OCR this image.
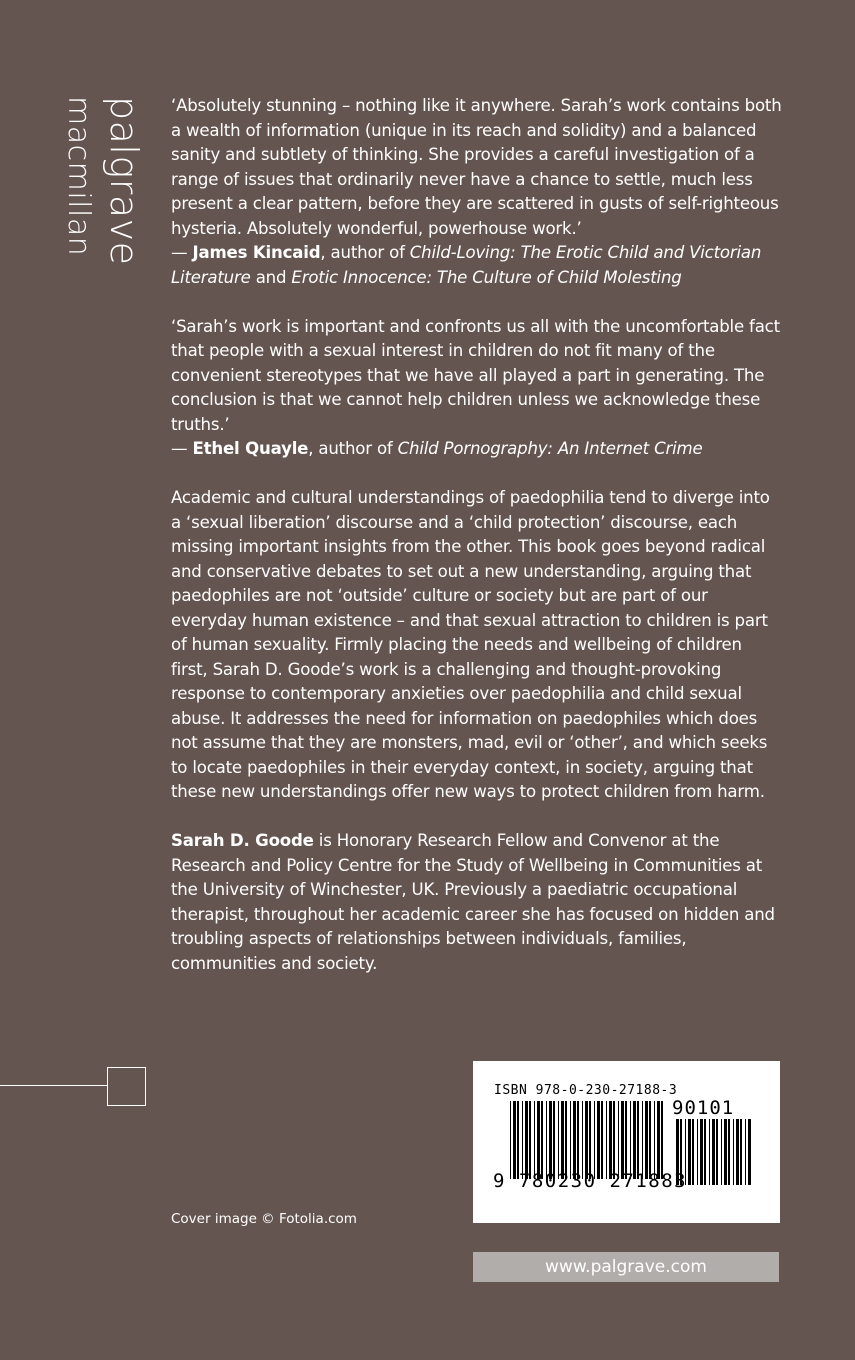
palgrave
macmillan	‘Absolutely stunning – nothing like it anywhere. Sarah’s work contains both a wealth of information (unique in its reach and solidity) and a balanced sanity and subtlety of thinking. She provides a careful investigation of a range of issues that ordinarily never have a chance to settle, much less present a clear pattern, before they are scattered in gusts of self-righteous hysteria. Absolutely wonderful, powerhouse work.’

— James Kincaid, author of Child-Loving: The Erotic Child and Victorian Literature and Erotic Innocence: The Culture of Child Molesting

‘Sarah’s work is important and confronts us all with the uncomfortable fact that people with a sexual interest in children do not fit many of the convenient stereotypes that we have all played a part in generating. The conclusion is that we cannot help children unless we acknowledge these truths.’

— Ethel Quayle, author of Child Pornography: An Internet Crime

Academic and cultural understandings of paedophilia tend to diverge into a ‘sexual liberation’ discourse and a ‘child protection’ discourse, each missing important insights from the other. This book goes beyond radical and conservative debates to set out a new understanding, arguing that paedophiles are not ‘outside’ culture or society but are part of our everyday human existence – and that sexual attraction to children is part of human sexuality. Firmly placing the needs and wellbeing of children first, Sarah D. Goode’s work is a challenging and thought-provoking response to contemporary anxieties over paedophilia and child sexual abuse. It addresses the need for information on paedophiles which does not assume that they are monsters, mad, evil or ‘other’, and which seeks to locate paedophiles in their everyday context, in society, arguing that these new understandings offer new ways to protect children from harm.

Sarah D. Goode is Honorary Research Fellow and Convenor at the Research and Policy Centre for the Study of Wellbeing in Communities at the University of Winchester, UK. Previously a paediatric occupational therapist, throughout her academic career she has focused on hidden and troubling aspects of relationships between individuals, families, communities and society.

Cover image © Fotolia.com
ISBN 978-0-230-27188-3
90101
9 780230 271883
www.palgrave.com
